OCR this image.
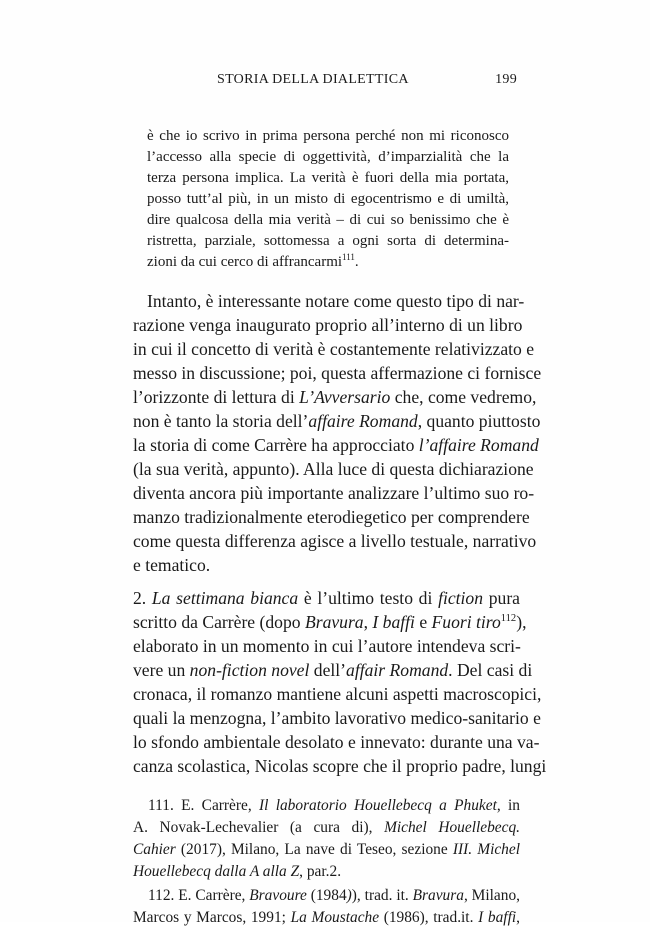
STORIA DELLA DIALETTICA	199
è che io scrivo in prima persona perché non mi riconosco
l’accesso alla specie di oggettività, d’imparzialità che la
terza persona implica. La verità è fuori della mia portata,
posso tutt’al più, in un misto di egocentrismo e di umiltà,
dire qualcosa della mia verità – di cui so benissimo che è
ristretta, parziale, sottomessa a ogni sorta di determina-
zioni da cui cerco di affrancarmi$^{111}$.
Intanto, è interessante notare come questo tipo di nar-
razione venga inaugurato proprio all’interno di un libro
in cui il concetto di verità è costantemente relativizzato e
messo in discussione; poi, questa affermazione ci fornisce
l’orizzonte di lettura di L’Avversario che, come vedremo,
non è tanto la storia dell’affaire Romand, quanto piuttosto
la storia di come Carrère ha approcciato l’affaire Romand
(la sua verità, appunto). Alla luce di questa dichiarazione
diventa ancora più importante analizzare l’ultimo suo ro-
manzo tradizionalmente eterodiegetico per comprendere
come questa differenza agisce a livello testuale, narrativo
e tematico.
2. La settimana bianca è l’ultimo testo di fiction pura
scritto da Carrère (dopo Bravura, I baffi e Fuori tiro$^{112}$),
elaborato in un momento in cui l’autore intendeva scri-
vere un non-fiction novel dell’affair Romand. Del casi di
cronaca, il romanzo mantiene alcuni aspetti macroscopici,
quali la menzogna, l’ambito lavorativo medico-sanitario e
lo sfondo ambientale desolato e innevato: durante una va-
canza scolastica, Nicolas scopre che il proprio padre, lungi
111. E. Carrère, Il laboratorio Houellebecq a Phuket, in
A. Novak-Lechevalier (a cura di), Michel Houellebecq.
Cahier (2017), Milano, La nave di Teseo, sezione III. Michel
Houellebecq dalla A alla Z, par.2.
112. E. Carrère, Bravoure (1984)), trad. it. Bravura, Milano,
Marcos y Marcos, 1991; La Moustache (1986), trad.it. I baffi,
